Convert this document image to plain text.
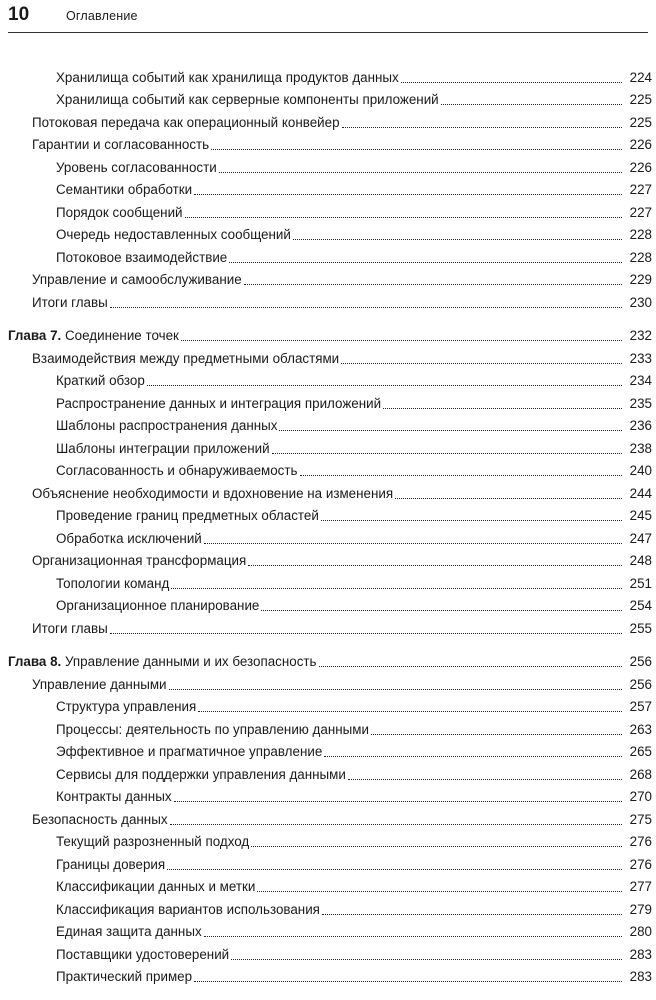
10	Оглавление
Хранилища событий как хранилища продуктов данных	224
Хранилища событий как серверные компоненты приложений	225
Потоковая передача как операционный конвейер	225
Гарантии и согласованность	226
Уровень согласованности	226
Семантики обработки	227
Порядок сообщений	227
Очередь недоставленных сообщений	228
Потоковое взаимодействие	228
Управление и самообслуживание	229
Итоги главы	230
Глава 7. Соединение точек	232
Взаимодействия между предметными областями	233
Краткий обзор	234
Распространение данных и интеграция приложений	235
Шаблоны распространения данных	236
Шаблоны интеграции приложений	238
Согласованность и обнаруживаемость	240
Объяснение необходимости и вдохновение на изменения	244
Проведение границ предметных областей	245
Обработка исключений	247
Организационная трансформация	248
Топологии команд	251
Организационное планирование	254
Итоги главы	255
Глава 8. Управление данными и их безопасность	256
Управление данными	256
Структура управления	257
Процессы: деятельность по управлению данными	263
Эффективное и прагматичное управление	265
Сервисы для поддержки управления данными	268
Контракты данных	270
Безопасность данных	275
Текущий разрозненный подход	276
Границы доверия	276
Классификации данных и метки	277
Классификация вариантов использования	279
Единая защита данных	280
Поставщики удостоверений	283
Практический пример	283
